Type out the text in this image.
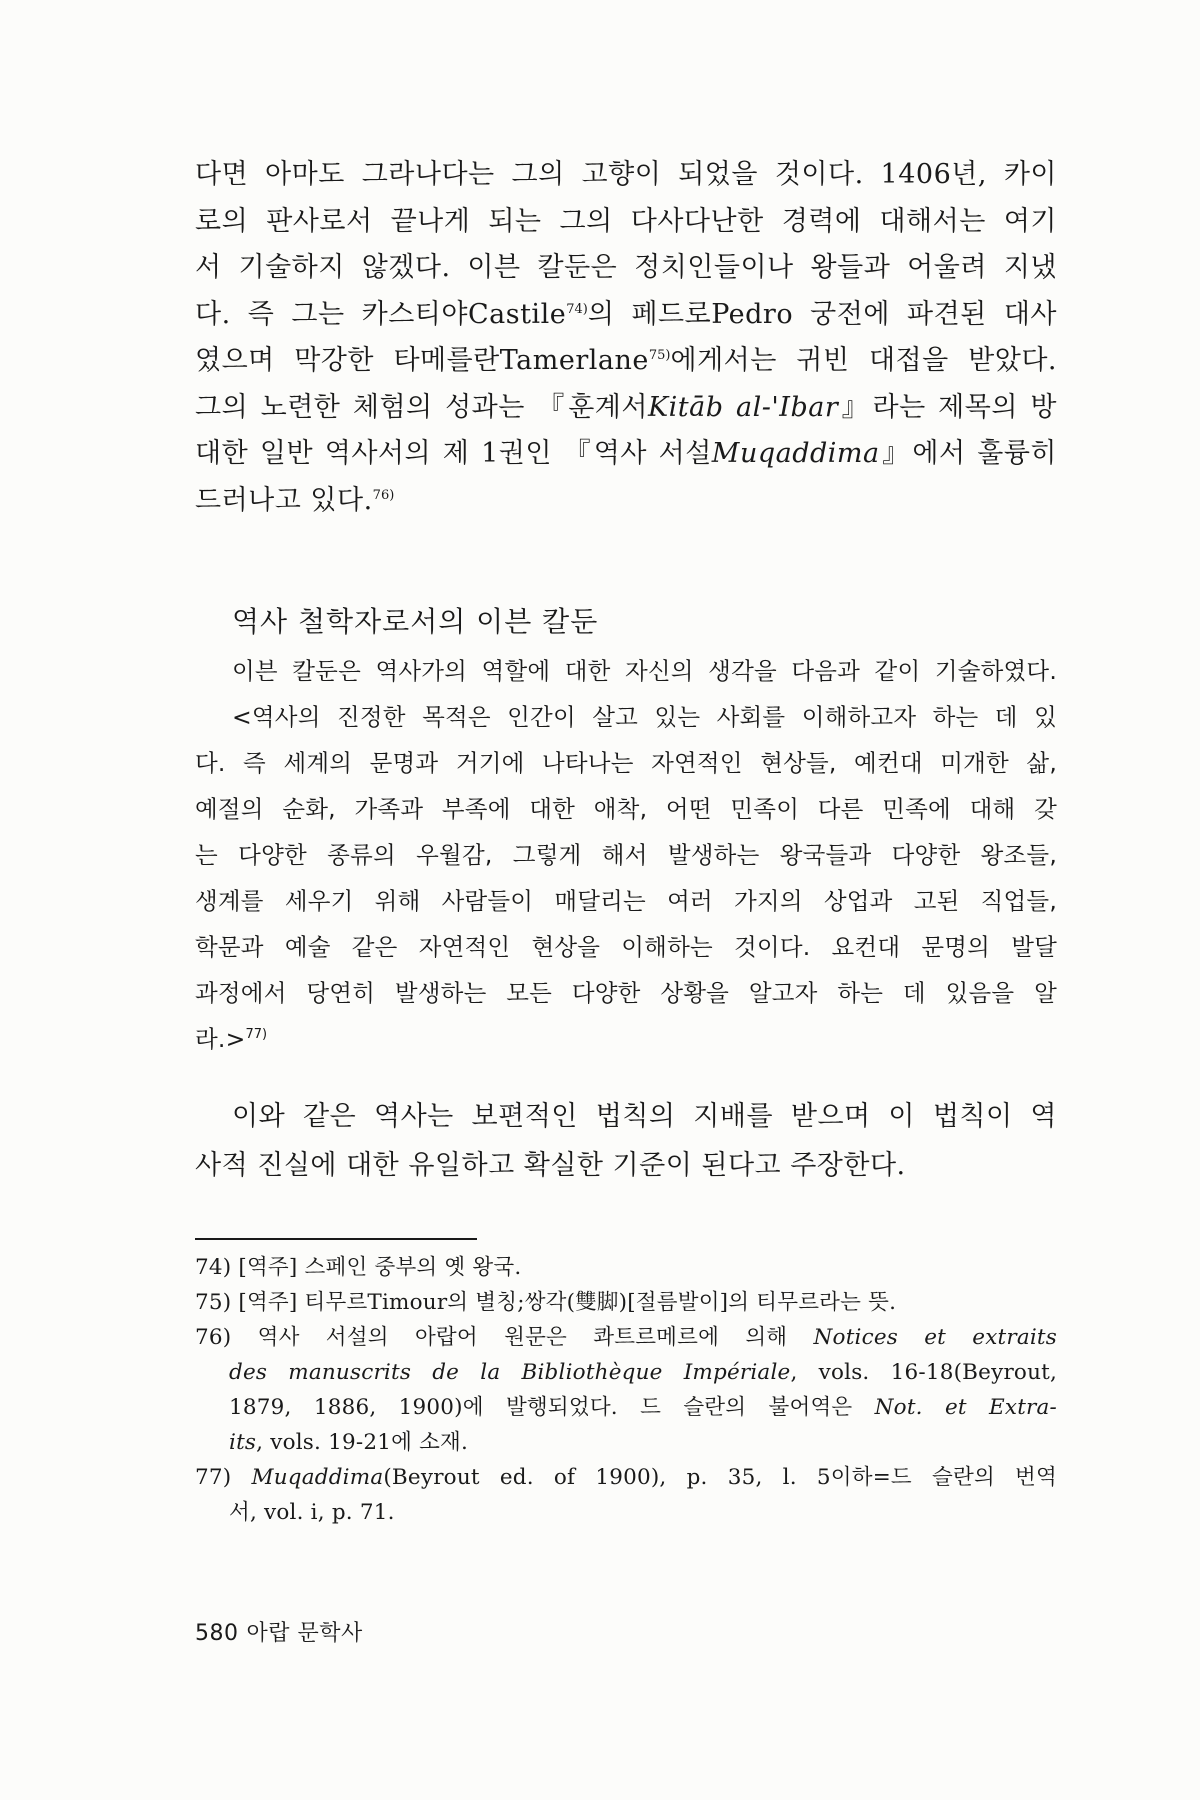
다면 아마도 그라나다는 그의 고향이 되었을 것이다. 1406년, 카이
로의 판사로서 끝나게 되는 그의 다사다난한 경력에 대해서는 여기
서 기술하지 않겠다. 이븐 칼둔은 정치인들이나 왕들과 어울려 지냈
다. 즉 그는 카스티야Castile$^{74)}$의 페드로Pedro 궁전에 파견된 대사
였으며 막강한 타메를란Tamerlane$^{75)}$에게서는 귀빈 대접을 받았다.
그의 노련한 체험의 성과는 『훈계서Kitāb al-'Ibar』라는 제목의 방
대한 일반 역사서의 제 1권인 『역사 서설Muqaddima』에서 훌륭히
드러나고 있다.$^{76)}$
역사 철학자로서의 이븐 칼둔
이븐 칼둔은 역사가의 역할에 대한 자신의 생각을 다음과 같이 기술하였다.
<역사의 진정한 목적은 인간이 살고 있는 사회를 이해하고자 하는 데 있
다. 즉 세계의 문명과 거기에 나타나는 자연적인 현상들, 예컨대 미개한 삶,
예절의 순화, 가족과 부족에 대한 애착, 어떤 민족이 다른 민족에 대해 갖
는 다양한 종류의 우월감, 그렇게 해서 발생하는 왕국들과 다양한 왕조들,
생계를 세우기 위해 사람들이 매달리는 여러 가지의 상업과 고된 직업들,
학문과 예술 같은 자연적인 현상을 이해하는 것이다. 요컨대 문명의 발달
과정에서 당연히 발생하는 모든 다양한 상황을 알고자 하는 데 있음을 알
라.>$^{77)}$
이와 같은 역사는 보편적인 법칙의 지배를 받으며 이 법칙이 역
사적 진실에 대한 유일하고 확실한 기준이 된다고 주장한다.
74) [역주] 스페인 중부의 옛 왕국.
75) [역주] 티무르Timour의 별칭;쌍각(雙脚)[절름발이]의 티무르라는 뜻.
76) 역사 서설의 아랍어 원문은 콰트르메르에 의해 Notices et extraits
des manuscrits de la Bibliothèque Impériale, vols. 16-18(Beyrout,
1879, 1886, 1900)에 발행되었다. 드 슬란의 불어역은 Not. et Extra-
its, vols. 19-21에 소재.
77) Muqaddima(Beyrout ed. of 1900), p. 35, l. 5이하=드 슬란의 번역
서, vol. ⅰ, p. 71.
580 아랍 문학사
